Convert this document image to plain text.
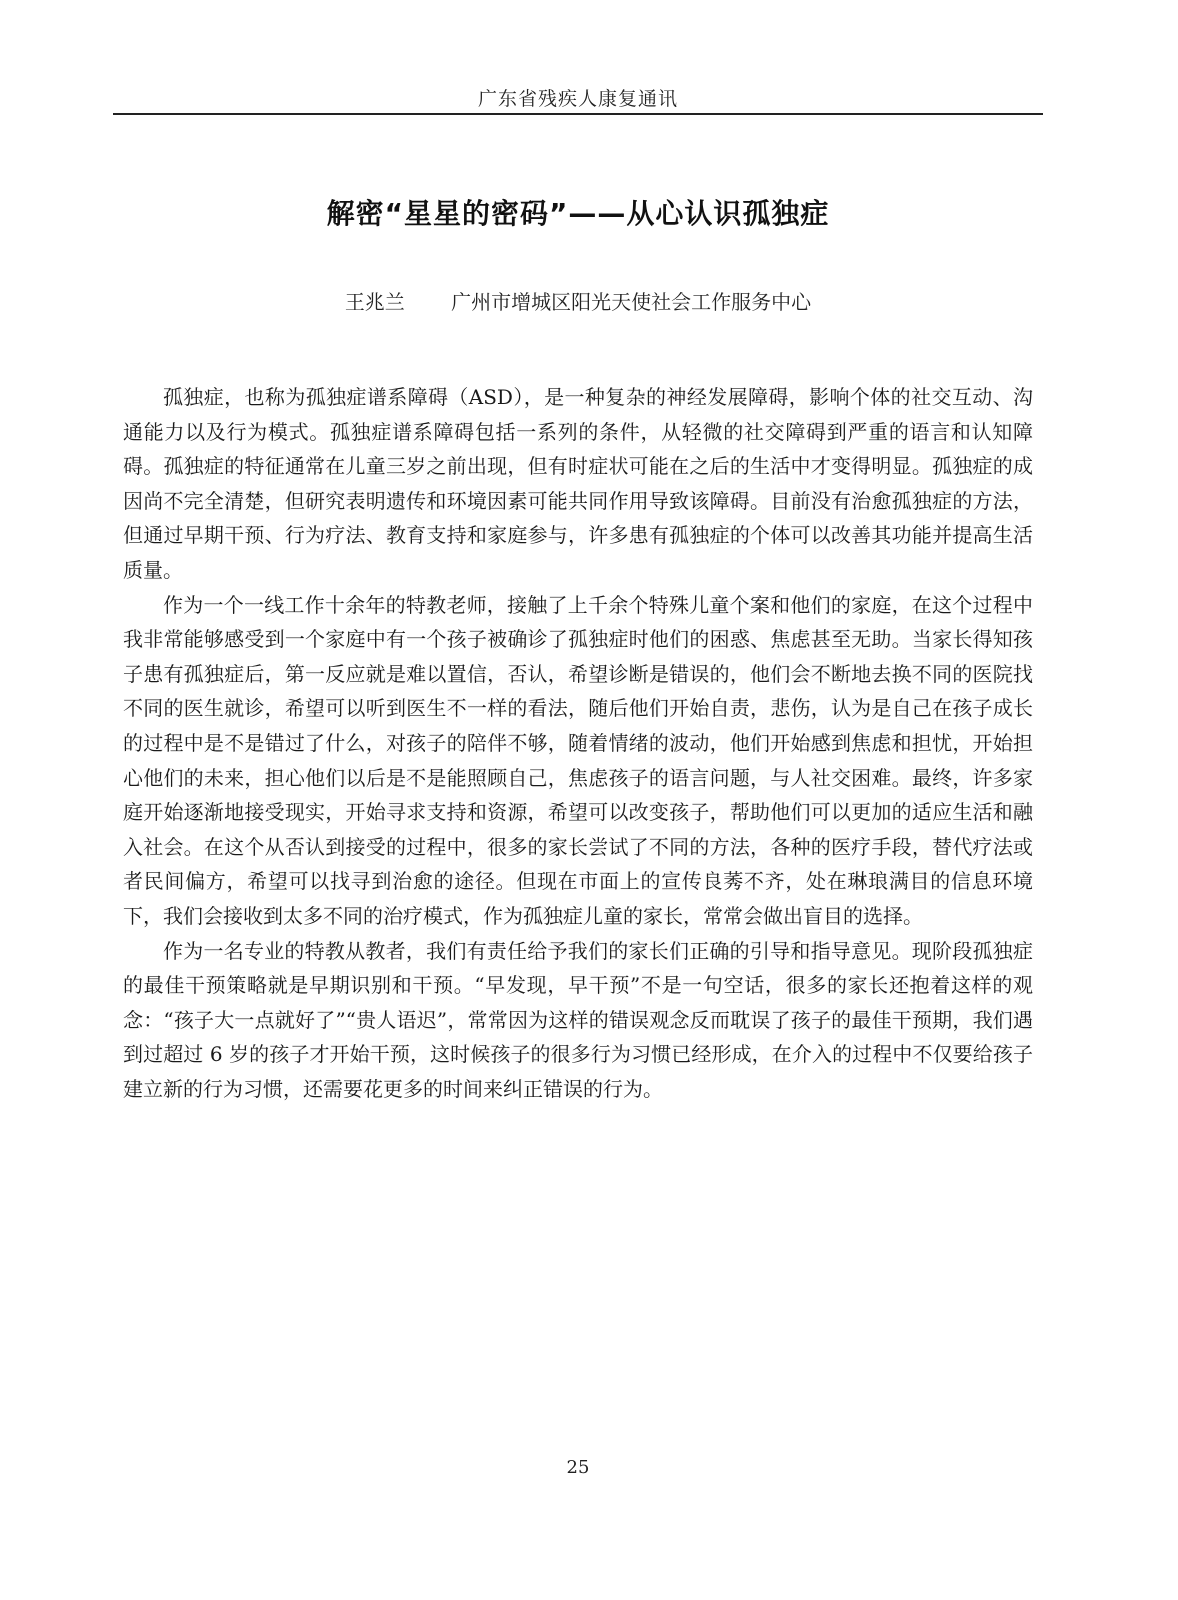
广东省残疾人康复通讯
解密“星星的密码”——从心认识孤独症
王兆兰 广州市增城区阳光天使社会工作服务中心

孤独症，也称为孤独症谱系障碍（ASD），是一种复杂的神经发展障碍，影响个体的社交互动、沟通能力以及行为模式。孤独症谱系障碍包括一系列的条件，从轻微的社交障碍到严重的语言和认知障碍。孤独症的特征通常在儿童三岁之前出现，但有时症状可能在之后的生活中才变得明显。孤独症的成因尚不完全清楚，但研究表明遗传和环境因素可能共同作用导致该障碍。目前没有治愈孤独症的方法，但通过早期干预、行为疗法、教育支持和家庭参与，许多患有孤独症的个体可以改善其功能并提高生活质量。

作为一个一线工作十余年的特教老师，接触了上千余个特殊儿童个案和他们的家庭，在这个过程中我非常能够感受到一个家庭中有一个孩子被确诊了孤独症时他们的困惑、焦虑甚至无助。当家长得知孩子患有孤独症后，第一反应就是难以置信，否认，希望诊断是错误的，他们会不断地去换不同的医院找不同的医生就诊，希望可以听到医生不一样的看法，随后他们开始自责，悲伤，认为是自己在孩子成长的过程中是不是错过了什么，对孩子的陪伴不够，随着情绪的波动，他们开始感到焦虑和担忧，开始担心他们的未来，担心他们以后是不是能照顾自己，焦虑孩子的语言问题，与人社交困难。最终，许多家庭开始逐渐地接受现实，开始寻求支持和资源，希望可以改变孩子，帮助他们可以更加的适应生活和融入社会。在这个从否认到接受的过程中，很多的家长尝试了不同的方法，各种的医疗手段，替代疗法或者民间偏方，希望可以找寻到治愈的途径。但现在市面上的宣传良莠不齐，处在琳琅满目的信息环境下，我们会接收到太多不同的治疗模式，作为孤独症儿童的家长，常常会做出盲目的选择。

作为一名专业的特教从教者，我们有责任给予我们的家长们正确的引导和指导意见。现阶段孤独症的最佳干预策略就是早期识别和干预。“早发现，早干预”不是一句空话，很多的家长还抱着这样的观念：“孩子大一点就好了”“贵人语迟”，常常因为这样的错误观念反而耽误了孩子的最佳干预期，我们遇到过超过 6 岁的孩子才开始干预，这时候孩子的很多行为习惯已经形成，在介入的过程中不仅要给孩子建立新的行为习惯，还需要花更多的时间来纠正错误的行为。

25
